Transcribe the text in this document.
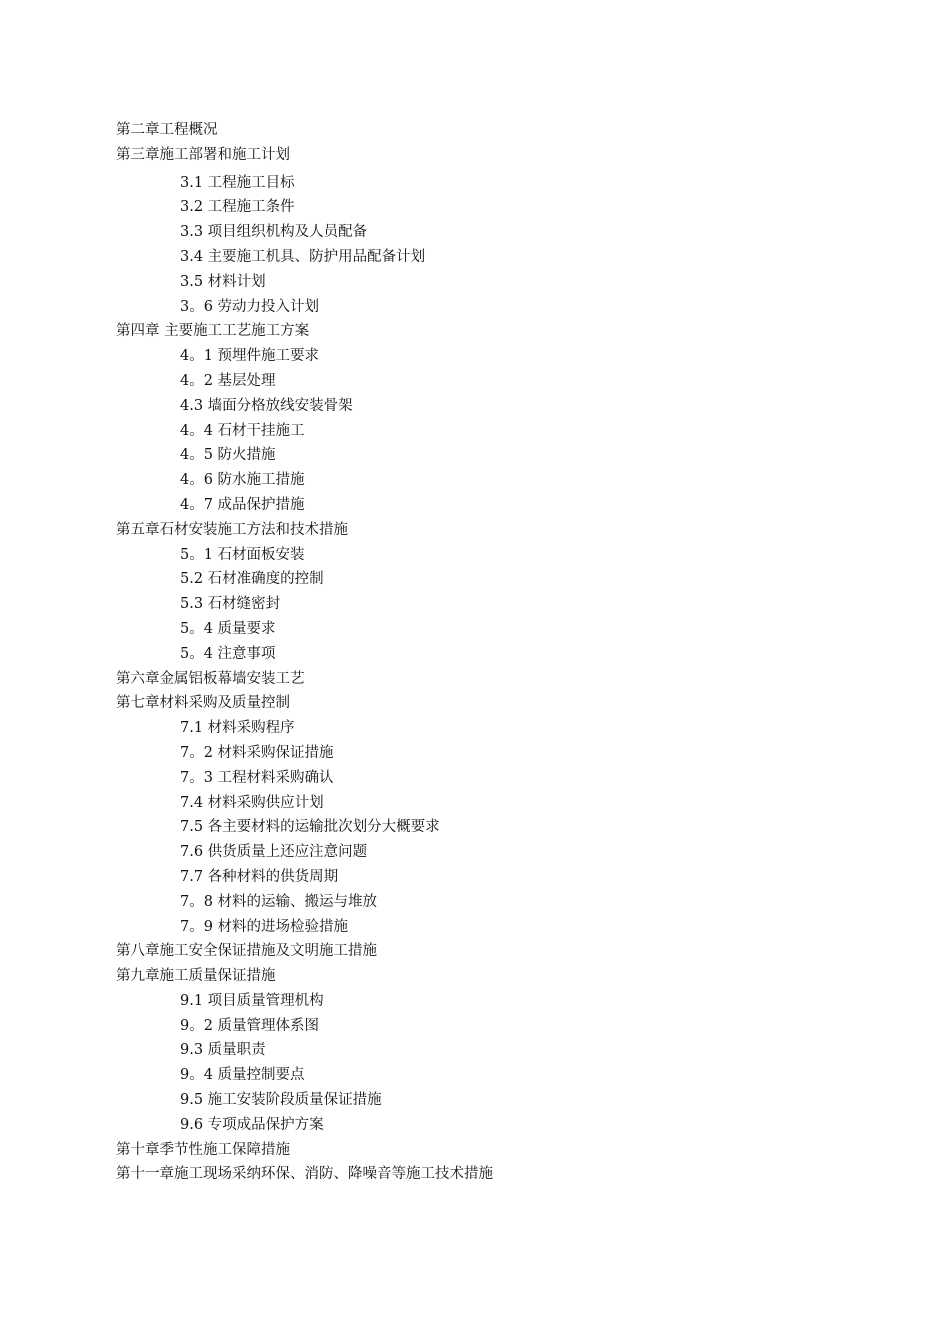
第二章工程概况
第三章施工部署和施工计划
3.1 工程施工目标
3.2 工程施工条件
3.3 项目组织机构及人员配备
3.4 主要施工机具、防护用品配备计划
3.5 材料计划
3。6 劳动力投入计划
第四章 主要施工工艺施工方案
4。1 预埋件施工要求
4。2 基层处理
4.3 墙面分格放线安装骨架
4。4 石材干挂施工
4。5 防火措施
4。6 防水施工措施
4。7 成品保护措施
第五章石材安装施工方法和技术措施
5。1 石材面板安装
5.2 石材准确度的控制
5.3 石材缝密封
5。4 质量要求
5。4 注意事项
第六章金属铝板幕墙安装工艺
第七章材料采购及质量控制
7.1 材料采购程序
7。2 材料采购保证措施
7。3 工程材料采购确认
7.4 材料采购供应计划
7.5 各主要材料的运输批次划分大概要求
7.6 供货质量上还应注意问题
7.7 各种材料的供货周期
7。8 材料的运输、搬运与堆放
7。9 材料的进场检验措施
第八章施工安全保证措施及文明施工措施
第九章施工质量保证措施
9.1 项目质量管理机构
9。2 质量管理体系图
9.3 质量职责
9。4 质量控制要点
9.5 施工安装阶段质量保证措施
9.6 专项成品保护方案
第十章季节性施工保障措施
第十一章施工现场采纳环保、消防、降噪音等施工技术措施
